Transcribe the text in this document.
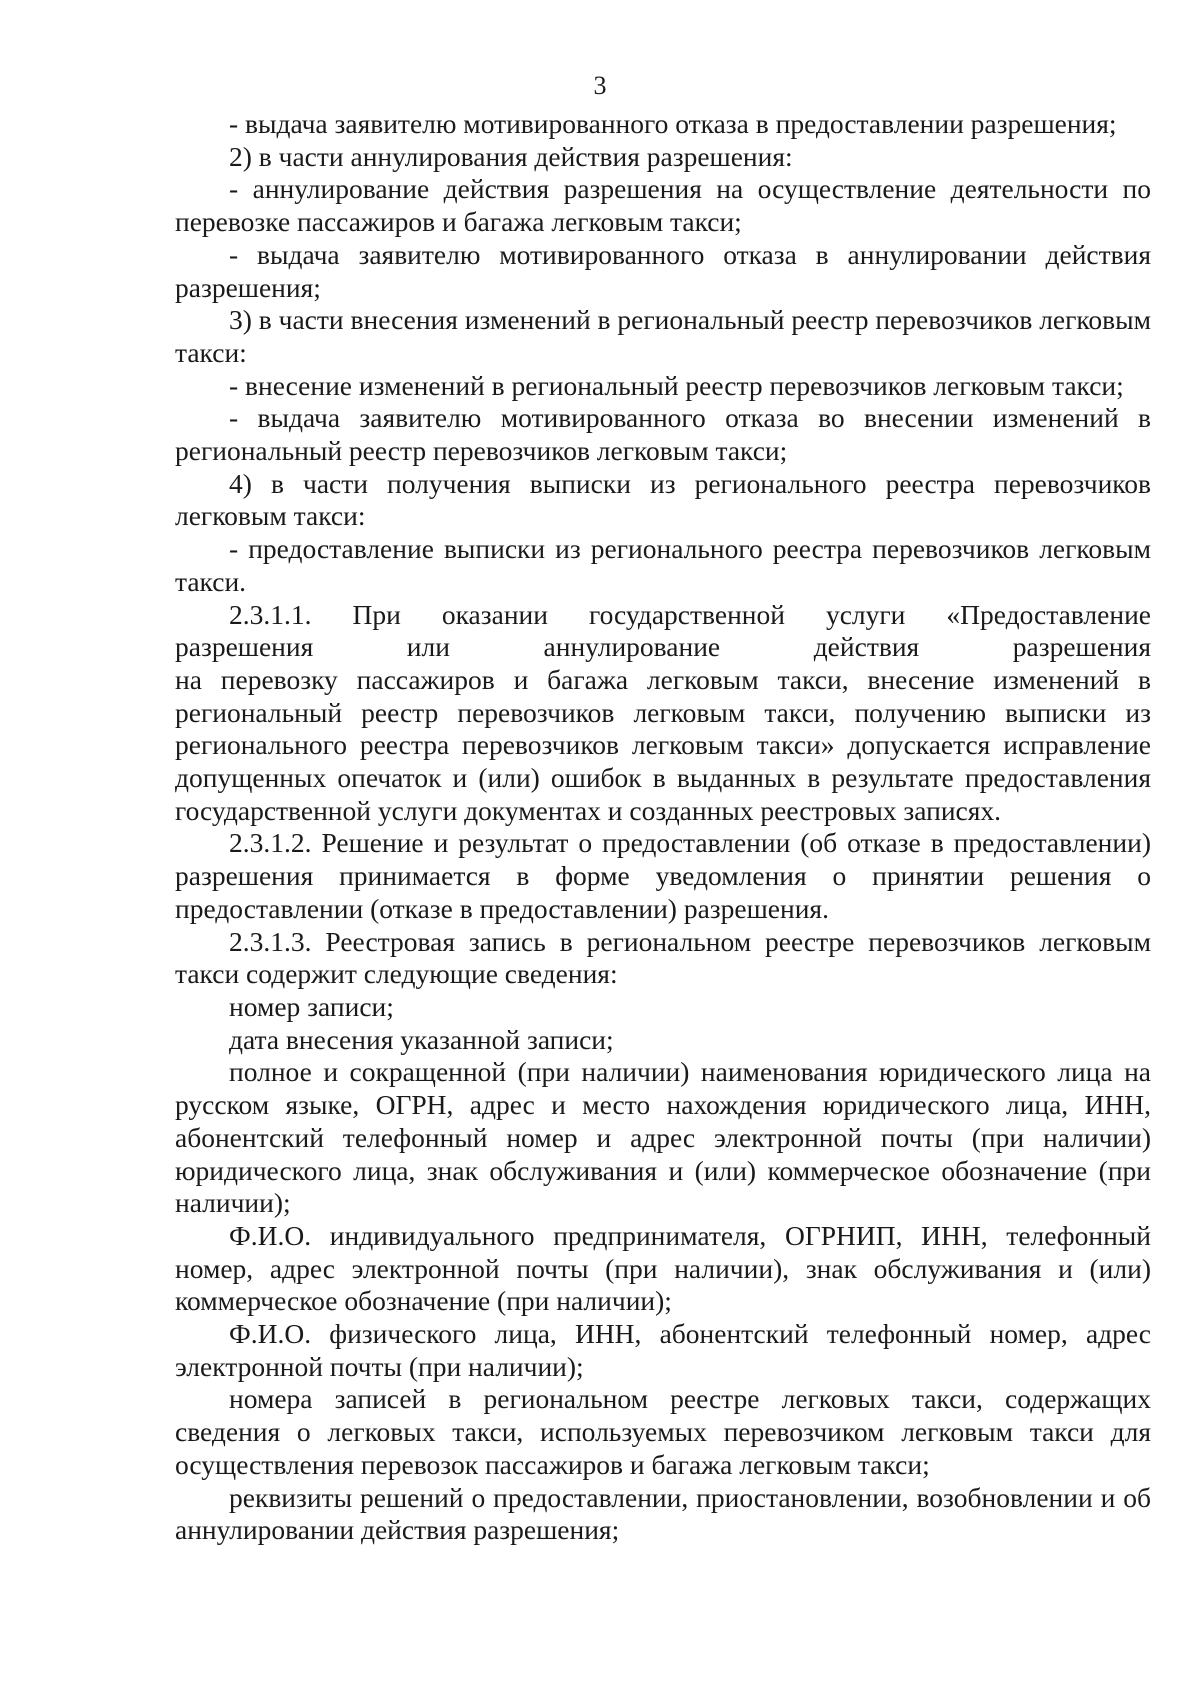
3

- выдача заявителю мотивированного отказа в предоставлении разрешения;

2) в части аннулирования действия разрешения:

- аннулирование действия разрешения на осуществление деятельности по перевозке пассажиров и багажа легковым такси;

- выдача заявителю мотивированного отказа в аннулировании действия разрешения;

3) в части внесения изменений в региональный реестр перевозчиков легковым такси:

- внесение изменений в региональный реестр перевозчиков легковым такси;

- выдача заявителю мотивированного отказа во внесении изменений в региональный реестр перевозчиков легковым такси;

4) в части получения выписки из регионального реестра перевозчиков легковым такси:

- предоставление выписки из регионального реестра перевозчиков легковым такси.

2.3.1.1. При оказании государственной услуги «Предоставление
разрешения или аннулирование действия разрешения
на перевозку пассажиров и багажа легковым такси, внесение изменений в региональный реестр перевозчиков легковым такси, получению выписки из регионального реестра перевозчиков легковым такси» допускается исправление допущенных опечаток и (или) ошибок в выданных в результате предоставления государственной услуги документах и созданных реестровых записях.

2.3.1.2. Решение и результат о предоставлении (об отказе в предоставлении) разрешения принимается в форме уведомления о принятии решения о предоставлении (отказе в предоставлении) разрешения.

2.3.1.3. Реестровая запись в региональном реестре перевозчиков легковым такси содержит следующие сведения:

номер записи;

дата внесения указанной записи;

полное и сокращенной (при наличии) наименования юридического лица на русском языке, ОГРН, адрес и место нахождения юридического лица, ИНН, абонентский телефонный номер и адрес электронной почты (при наличии) юридического лица, знак обслуживания и (или) коммерческое обозначение (при наличии);

Ф.И.О. индивидуального предпринимателя, ОГРНИП, ИНН, телефонный номер, адрес электронной почты (при наличии), знак обслуживания и (или) коммерческое обозначение (при наличии);

Ф.И.О. физического лица, ИНН, абонентский телефонный номер, адрес электронной почты (при наличии);

номера записей в региональном реестре легковых такси, содержащих сведения о легковых такси, используемых перевозчиком легковым такси для осуществления перевозок пассажиров и багажа легковым такси;

реквизиты решений о предоставлении, приостановлении, возобновлении и об аннулировании действия разрешения;
